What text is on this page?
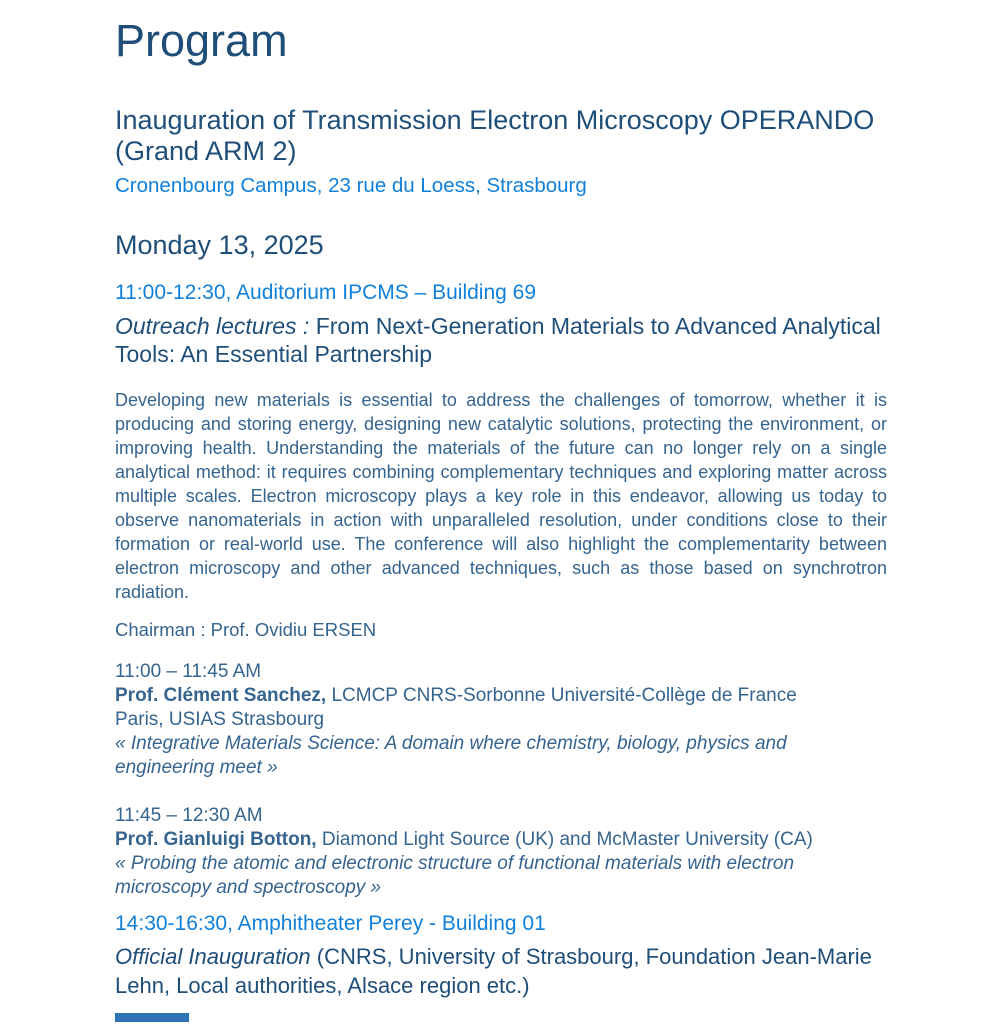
Program
Inauguration of Transmission Electron Microscopy OPERANDO (Grand ARM 2)

Cronenbourg Campus, 23 rue du Loess, Strasbourg

Monday 13, 2025

11:00-12:30, Auditorium IPCMS – Building 69

Outreach lectures : From Next-Generation Materials to Advanced Analytical Tools: An Essential Partnership

Developing new materials is essential to address the challenges of tomorrow, whether it is producing and storing energy, designing new catalytic solutions, protecting the environment, or improving health. Understanding the materials of the future can no longer rely on a single analytical method: it requires combining complementary techniques and exploring matter across multiple scales. Electron microscopy plays a key role in this endeavor, allowing us today to observe nanomaterials in action with unparalleled resolution, under conditions close to their formation or real-world use. The conference will also highlight the complementarity between electron microscopy and other advanced techniques, such as those based on synchrotron radiation.

Chairman : Prof. Ovidiu ERSEN

11:00 – 11:45 AM

Prof. Clément Sanchez, LCMCP CNRS-Sorbonne Université-Collège de France
Paris, USIAS Strasbourg

« Integrative Materials Science: A domain where chemistry, biology, physics and engineering meet »

11:45 – 12:30 AM

Prof. Gianluigi Botton, Diamond Light Source (UK) and McMaster University (CA)

« Probing the atomic and electronic structure of functional materials with electron microscopy and spectroscopy »

14:30-16:30, Amphitheater Perey - Building 01

Official Inauguration (CNRS, University of Strasbourg, Foundation Jean-Marie Lehn, Local authorities, Alsace region etc.)
